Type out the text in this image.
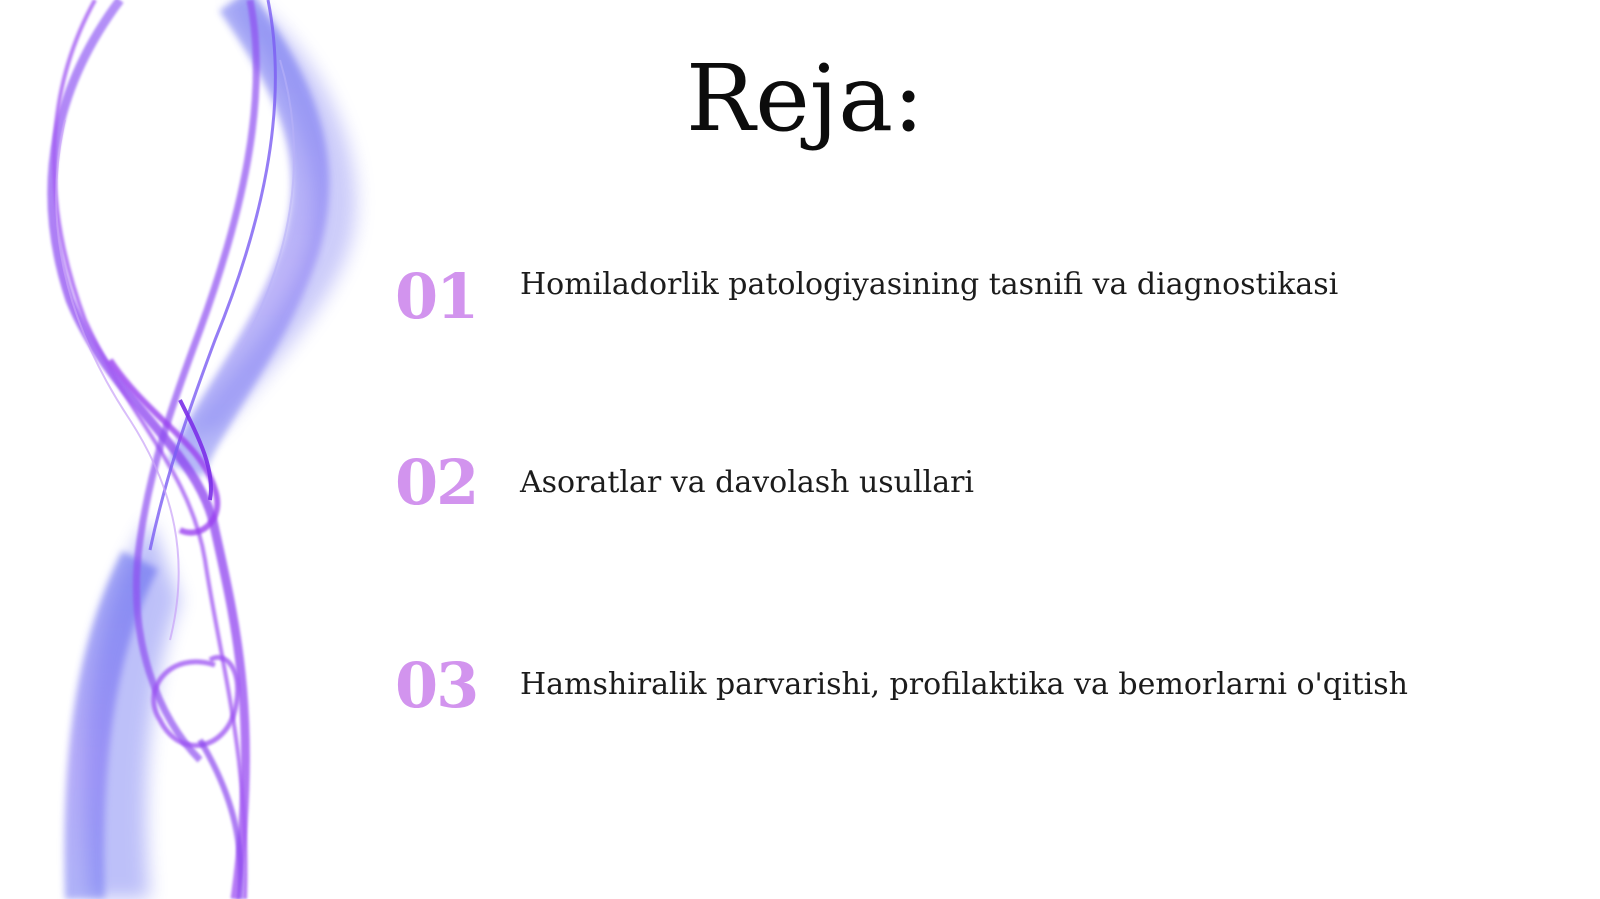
Reja:
01 Homiladorlik patologiyasining tasnifi va diagnostikasi
02 Asoratlar va davolash usullari
03 Hamshiralik parvarishi, profilaktika va bemorlarni o'qitish
